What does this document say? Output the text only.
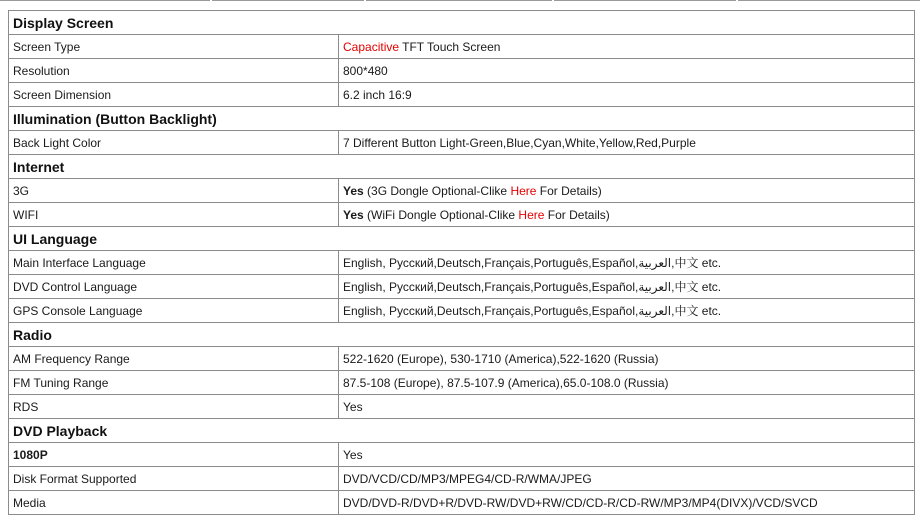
Display Screen	
Screen Type	Capacitive TFT Touch Screen
Resolution	800*480
Screen Dimension	6.2 inch 16:9
Illumination (Button Backlight)	
Back Light Color	7 Different Button Light-Green,Blue,Cyan,White,Yellow,Red,Purple
Internet	
3G	Yes (3G Dongle Optional-Clike Here For Details)
WIFI	Yes (WiFi Dongle Optional-Clike Here For Details)
UI Language	
Main Interface Language	English, Русский,Deutsch,Français,Português,Español,العربية,中文 etc.
DVD Control Language	English, Русский,Deutsch,Français,Português,Español,العربية,中文 etc.
GPS Console Language	English, Русский,Deutsch,Français,Português,Español,العربية,中文 etc.
Radio	
AM Frequency Range	522-1620 (Europe), 530-1710 (America),522-1620 (Russia)
FM Tuning Range	87.5-108 (Europe), 87.5-107.9 (America),65.0-108.0 (Russia)
RDS	Yes
DVD Playback	
1080P	Yes
Disk Format Supported	DVD/VCD/CD/MP3/MPEG4/CD-R/WMA/JPEG
Media	DVD/DVD-R/DVD+R/DVD-RW/DVD+RW/CD/CD-R/CD-RW/MP3/MP4(DIVX)/VCD/SVCD
